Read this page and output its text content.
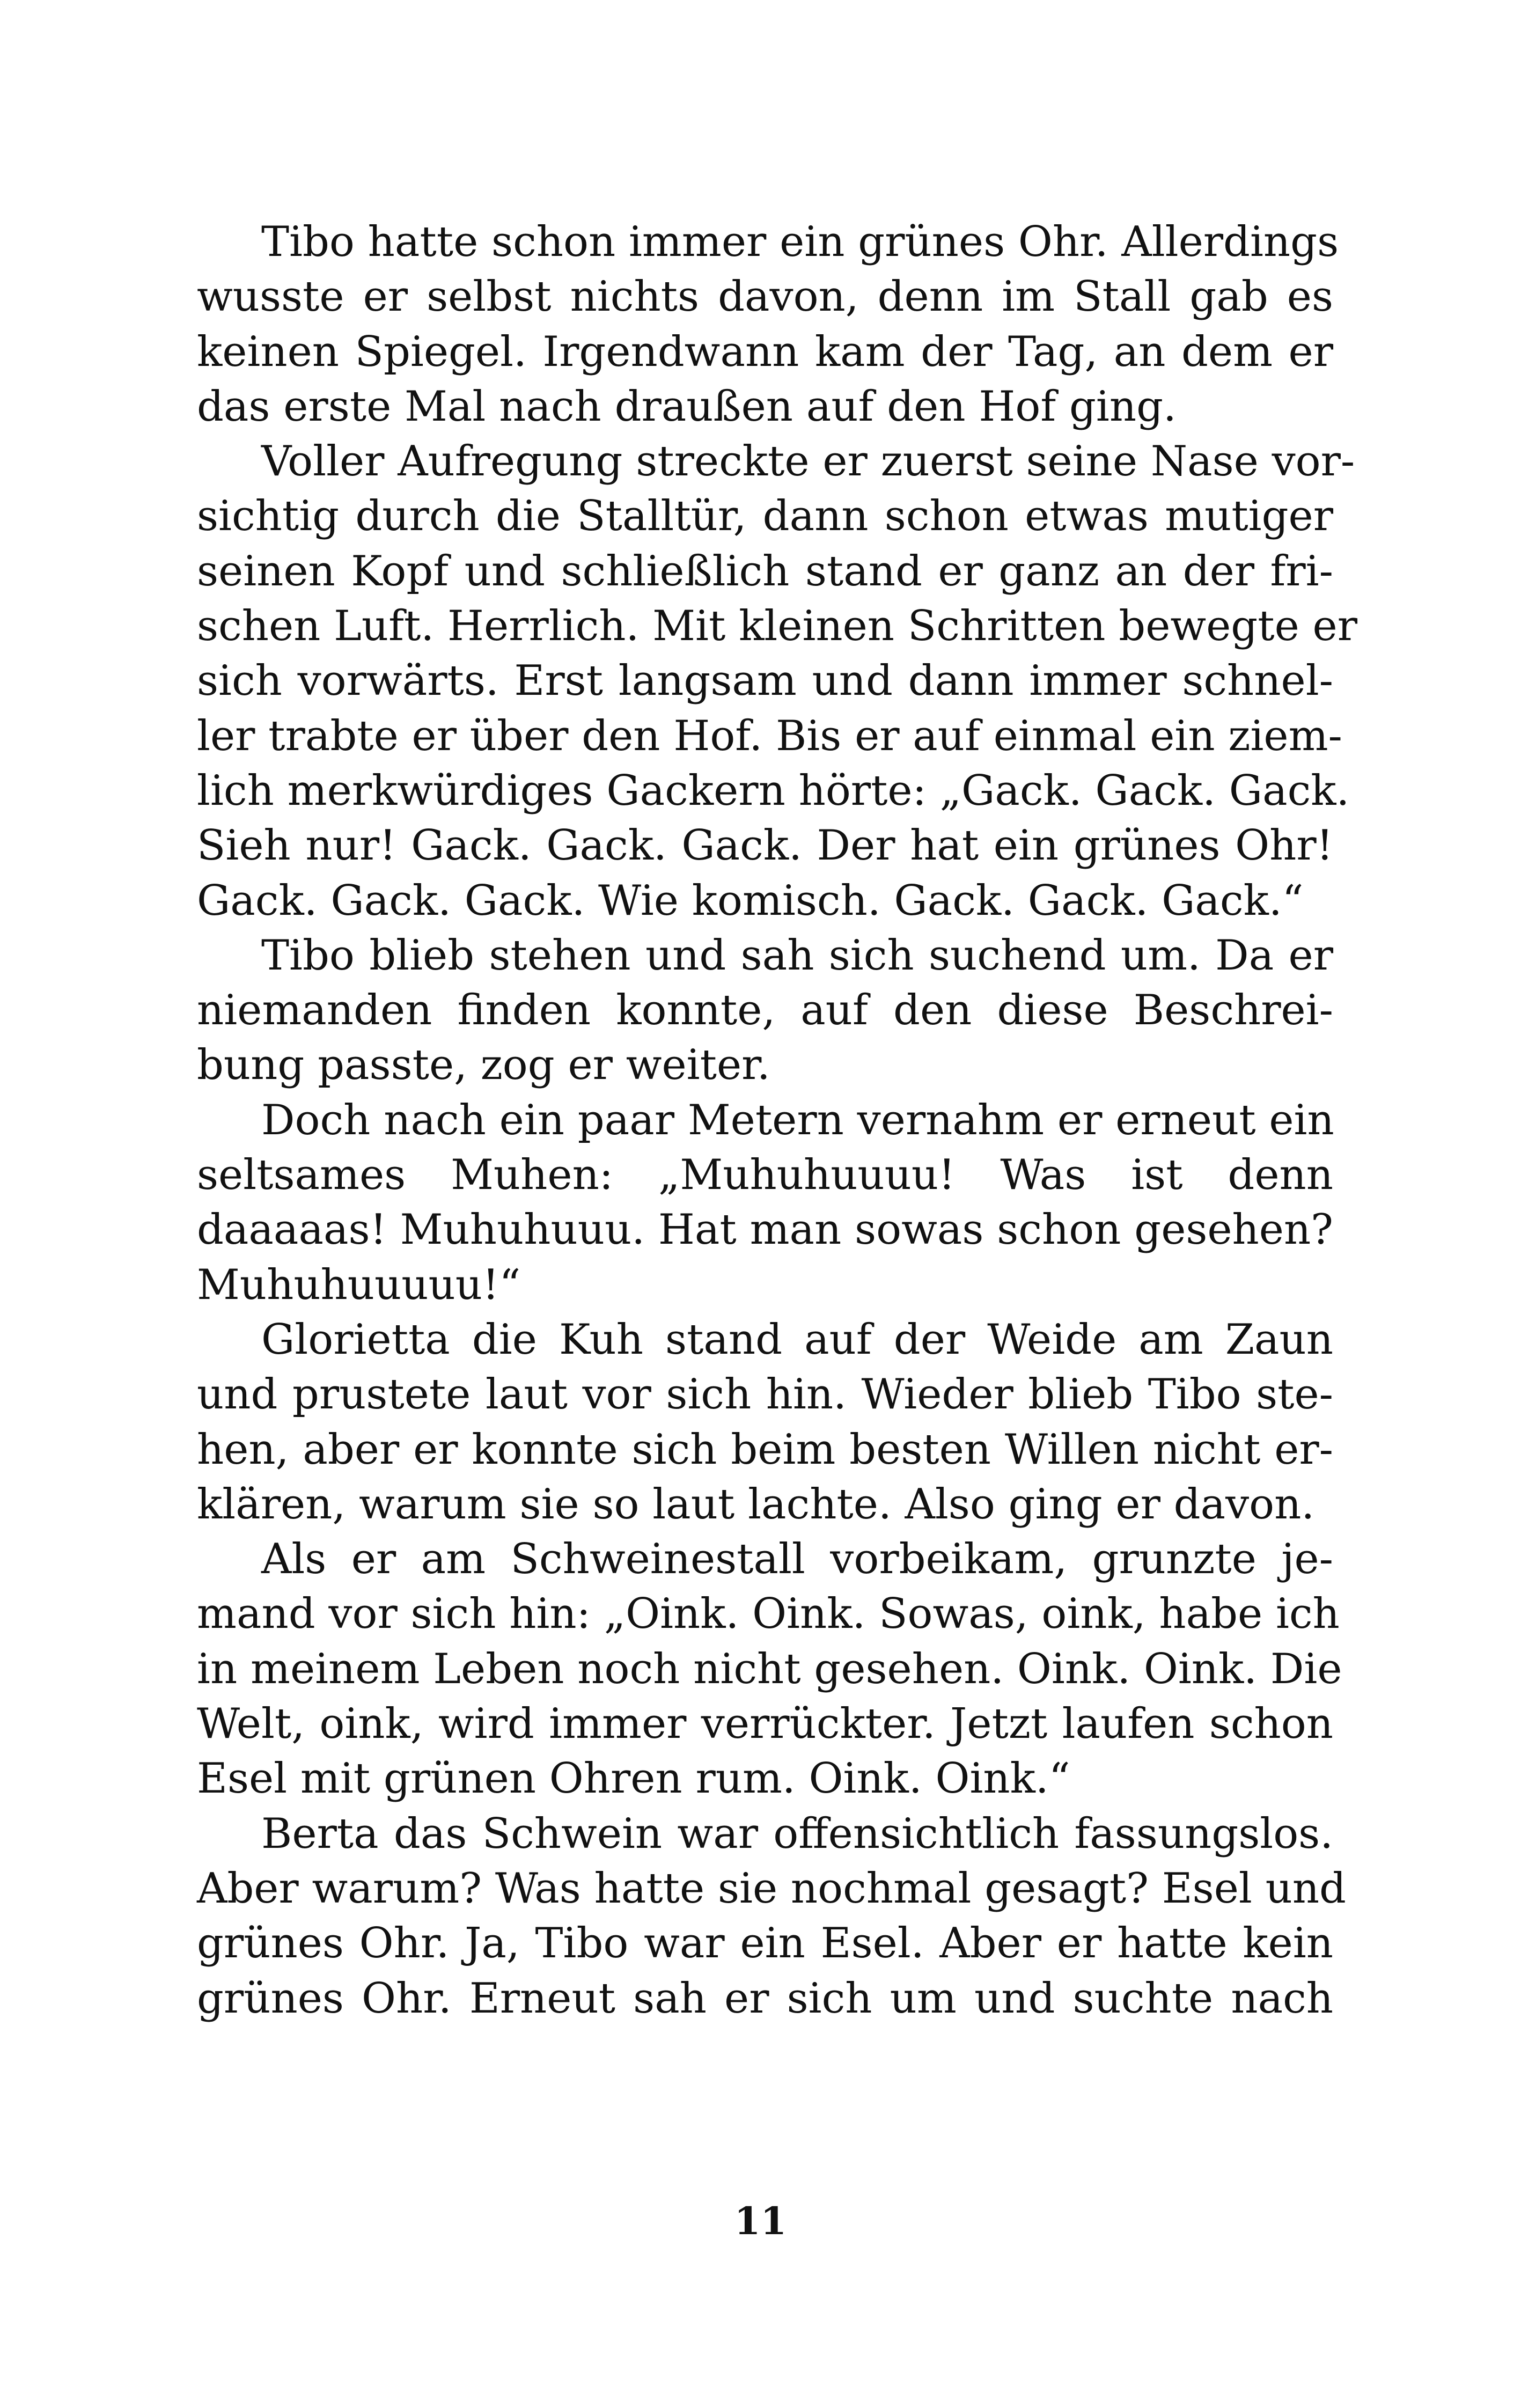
Tibo hatte schon immer ein grünes Ohr. Allerdings
wusste er selbst nichts davon, denn im Stall gab es
keinen Spiegel. Irgendwann kam der Tag, an dem er
das erste Mal nach draußen auf den Hof ging.
Voller Aufregung streckte er zuerst seine Nase vor-
sichtig durch die Stalltür, dann schon etwas mutiger
seinen Kopf und schließlich stand er ganz an der fri-
schen Luft. Herrlich. Mit kleinen Schritten bewegte er
sich vorwärts. Erst langsam und dann immer schnel-
ler trabte er über den Hof. Bis er auf einmal ein ziem-
lich merkwürdiges Gackern hörte: „Gack. Gack. Gack.
Sieh nur! Gack. Gack. Gack. Der hat ein grünes Ohr!
Gack. Gack. Gack. Wie komisch. Gack. Gack. Gack.“
Tibo blieb stehen und sah sich suchend um. Da er
niemanden finden konnte, auf den diese Beschrei-
bung passte, zog er weiter.
Doch nach ein paar Metern vernahm er erneut ein
seltsames Muhen: „Muhuhuuuu! Was ist denn
daaaaas! Muhuhuuu. Hat man sowas schon gesehen?
Muhuhuuuuu!“
Glorietta die Kuh stand auf der Weide am Zaun
und prustete laut vor sich hin. Wieder blieb Tibo ste-
hen, aber er konnte sich beim besten Willen nicht er-
klären, warum sie so laut lachte. Also ging er davon.
Als er am Schweinestall vorbeikam, grunzte je-
mand vor sich hin: „Oink. Oink. Sowas, oink, habe ich
in meinem Leben noch nicht gesehen. Oink. Oink. Die
Welt, oink, wird immer verrückter. Jetzt laufen schon
Esel mit grünen Ohren rum. Oink. Oink.“
Berta das Schwein war offensichtlich fassungslos.
Aber warum? Was hatte sie nochmal gesagt? Esel und
grünes Ohr. Ja, Tibo war ein Esel. Aber er hatte kein
grünes Ohr. Erneut sah er sich um und suchte nach
11
